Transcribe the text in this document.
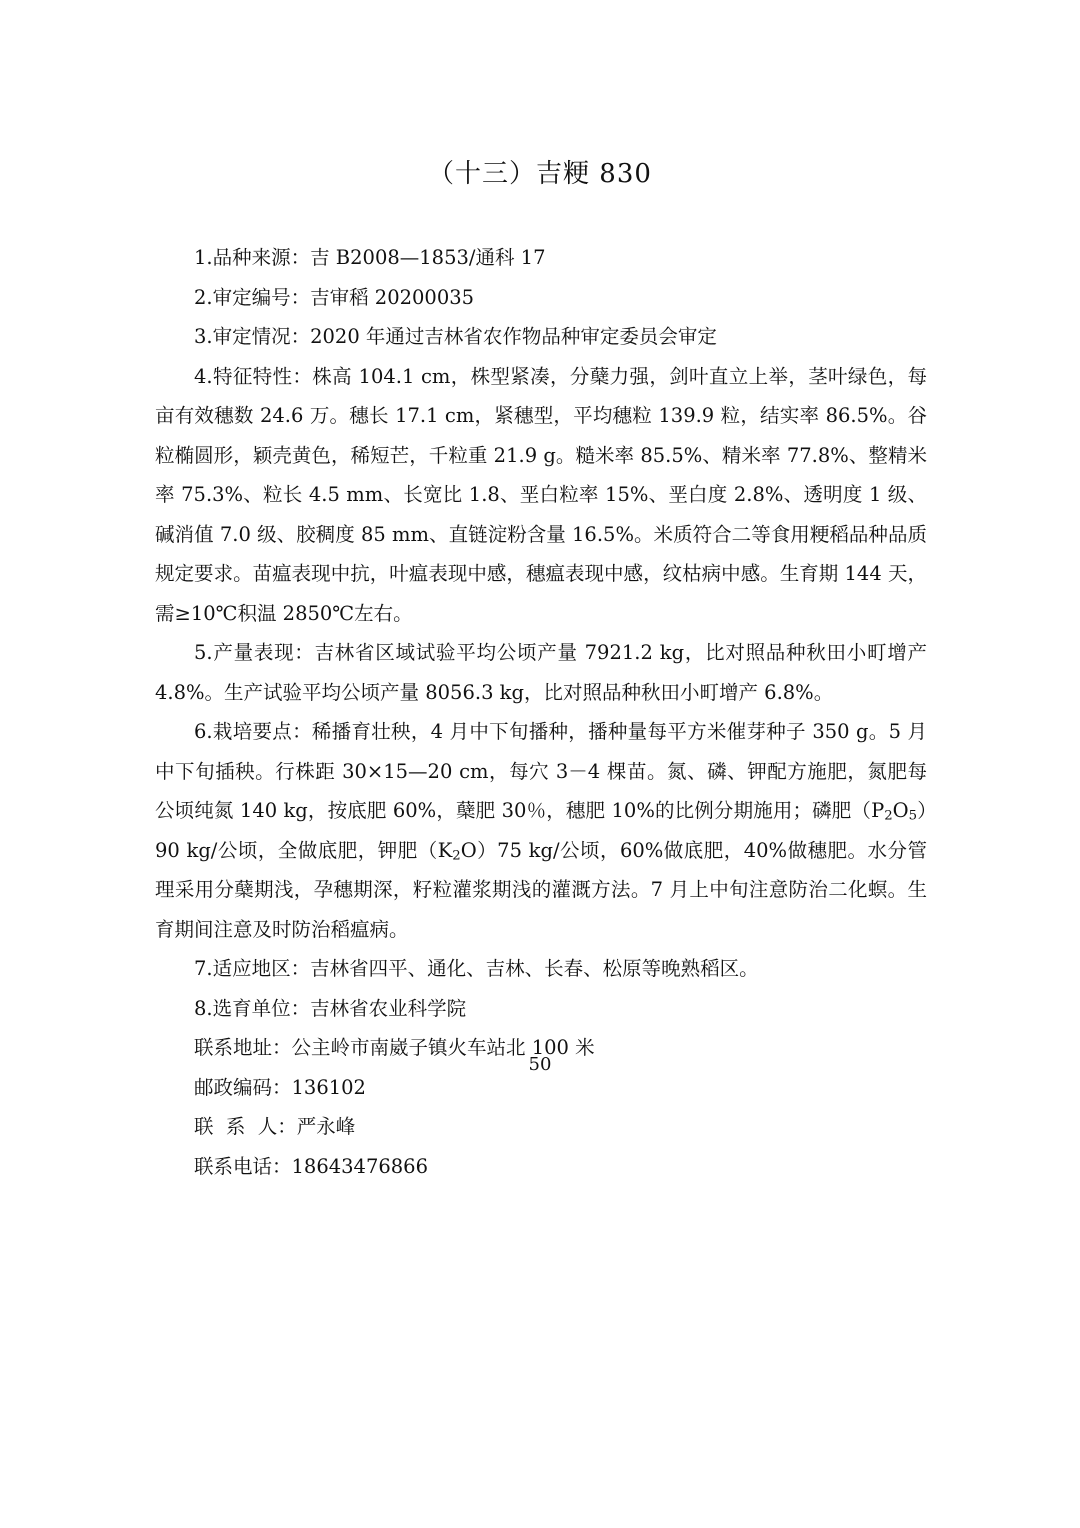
（十三）吉粳 830

1.品种来源：吉 B2008—1853/通科 17

2.审定编号：吉审稻 20200035

3.审定情况：2020 年通过吉林省农作物品种审定委员会审定

4.特征特性：株高 104.1 cm，株型紧凑，分蘖力强，剑叶直立上举，茎叶绿色，每亩有效穗数 24.6 万。穗长 17.1 cm，紧穗型，平均穗粒 139.9 粒，结实率 86.5%。谷粒椭圆形，颖壳黄色，稀短芒，千粒重 21.9 g。糙米率 85.5%、精米率 77.8%、整精米率 75.3%、粒长 4.5 mm、长宽比 1.8、垩白粒率 15%、垩白度 2.8%、透明度 1 级、碱消值 7.0 级、胶稠度 85 mm、直链淀粉含量 16.5%。米质符合二等食用粳稻品种品质规定要求。苗瘟表现中抗，叶瘟表现中感，穗瘟表现中感，纹枯病中感。生育期 144 天，需≥10℃积温 2850℃左右。

5.产量表现：吉林省区域试验平均公顷产量 7921.2 kg，比对照品种秋田小町增产 4.8%。生产试验平均公顷产量 8056.3 kg，比对照品种秋田小町增产 6.8%。

6.栽培要点：稀播育壮秧，4 月中下旬播种，播种量每平方米催芽种子 350 g。5 月中下旬插秧。行株距 30×15—20 cm，每穴 3－4 棵苗。氮、磷、钾配方施肥，氮肥每公顷纯氮 140 kg，按底肥 60%，蘖肥 30％，穗肥 10%的比例分期施用；磷肥$(P_2O_5)90$ kg/公顷，全做底肥，钾肥$(K_2O)75$ kg/公顷，60%做底肥，40%做穗肥。水分管理采用分蘖期浅，孕穗期深，籽粒灌浆期浅的灌溉方法。7 月上中旬注意防治二化螟。生育期间注意及时防治稻瘟病。

7.适应地区：吉林省四平、通化、吉林、长春、松原等晚熟稻区。

8.选育单位：吉林省农业科学院

联系地址：公主岭市南崴子镇火车站北 100 米

邮政编码：136102

联  系  人：严永峰

联系电话：18643476866

50
